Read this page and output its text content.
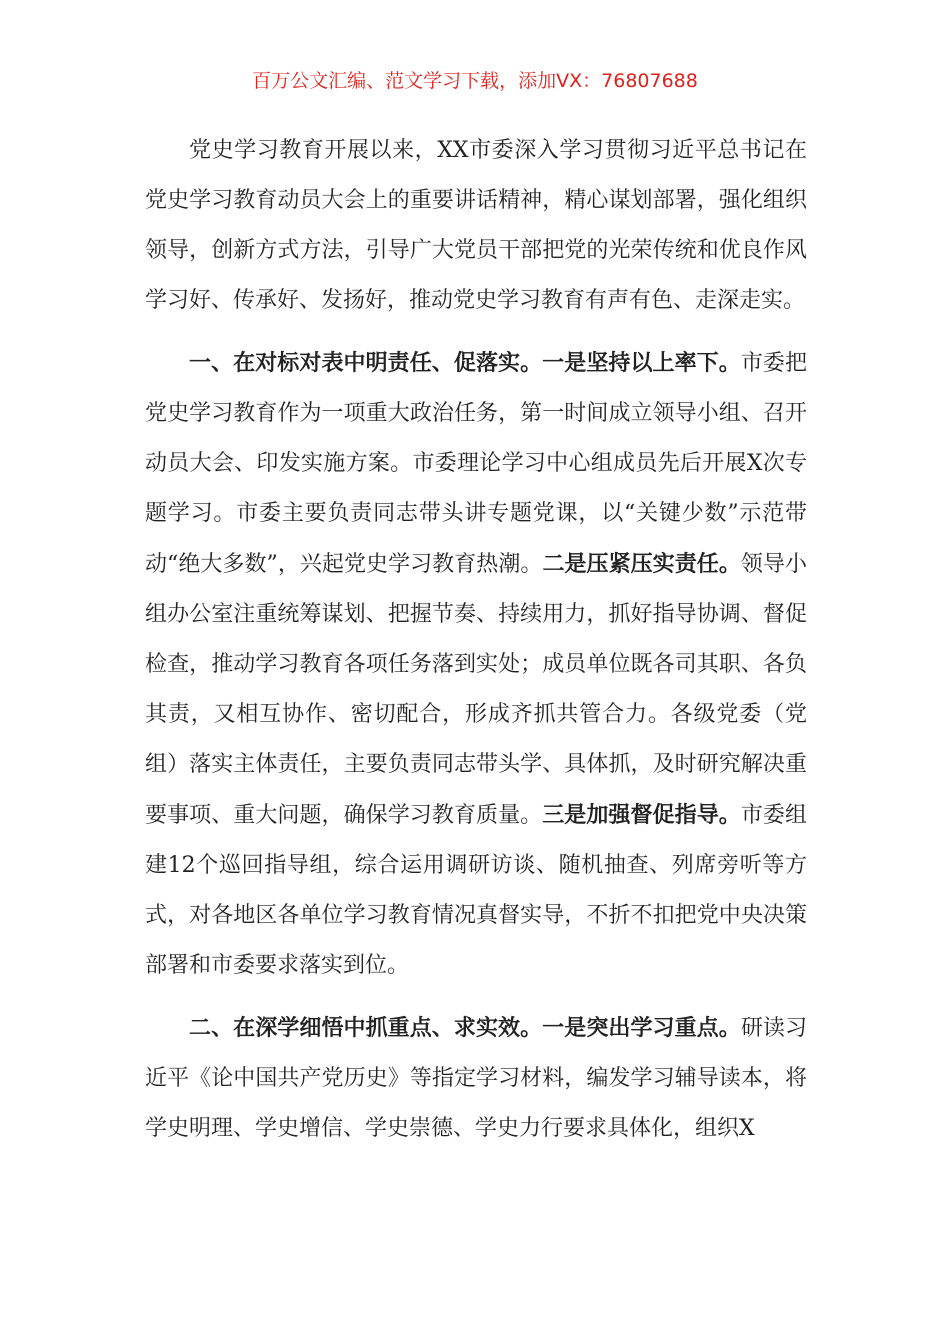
百万公文汇编、范文学习下载，添加VX：76807688

党史学习教育开展以来，XX市委深入学习贯彻习近平总书记在党史学习教育动员大会上的重要讲话精神，精心谋划部署，强化组织领导，创新方式方法，引导广大党员干部把党的光荣传统和优良作风学习好、传承好、发扬好，推动党史学习教育有声有色、走深走实。

一、在对标对表中明责任、促落实。一是坚持以上率下。市委把党史学习教育作为一项重大政治任务，第一时间成立领导小组、召开动员大会、印发实施方案。市委理论学习中心组成员先后开展X次专题学习。市委主要负责同志带头讲专题党课，以“关键少数”示范带动“绝大多数”，兴起党史学习教育热潮。二是压紧压实责任。领导小组办公室注重统筹谋划、把握节奏、持续用力，抓好指导协调、督促检查，推动学习教育各项任务落到实处；成员单位既各司其职、各负其责，又相互协作、密切配合，形成齐抓共管合力。各级党委（党组）落实主体责任，主要负责同志带头学、具体抓，及时研究解决重要事项、重大问题，确保学习教育质量。三是加强督促指导。市委组建12个巡回指导组，综合运用调研访谈、随机抽查、列席旁听等方式，对各地区各单位学习教育情况真督实导，不折不扣把党中央决策部署和市委要求落实到位。

二、在深学细悟中抓重点、求实效。一是突出学习重点。研读习近平《论中国共产党历史》等指定学习材料，编发学习辅导读本，将学史明理、学史增信、学史崇德、学史力行要求具体化，组织X
